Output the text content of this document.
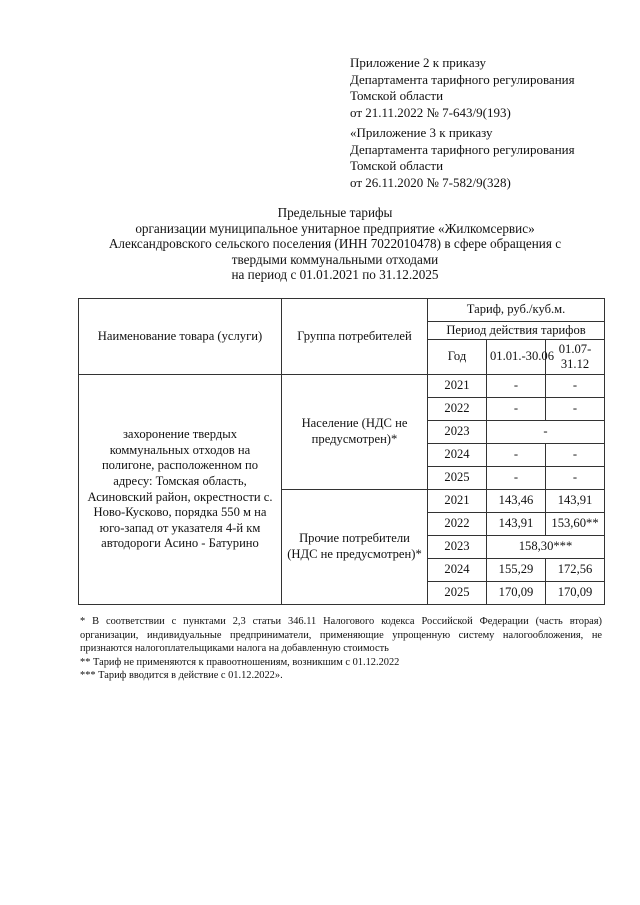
Приложение 2 к приказу
Департамента тарифного регулирования
Томской области
от 21.11.2022 № 7-643/9(193)
«Приложение 3 к приказу
Департамента тарифного регулирования
Томской области
от 26.11.2020 № 7-582/9(328)
Предельные тарифы
организации муниципальное унитарное предприятие «Жилкомсервис»
Александровского сельского поселения (ИНН 7022010478) в сфере обращения с
твердыми коммунальными отходами
на период с 01.01.2021 по 31.12.2025
Наименование товара (услуги)	Группа потребителей	Тариф, руб./куб.м.		
		Период действия тарифов		
		Год	01.01.-30.06	01.07-31.12
захоронение твердых коммунальных отходов на полигоне, расположенном по адресу: Томская область, Асиновский район, окрестности с. Ново-Кусково, порядка 550 м на юго-запад от указателя 4-й км автодороги Асино - Батурино	Население (НДС не предусмотрен)*	2021	-	-
		2022	-	-
		2023	-	
		2024	-	-
		2025	-	-
	Прочие потребители (НДС не предусмотрен)*	2021	143,46	143,91
		2022	143,91	153,60**
		2023	158,30***	
		2024	155,29	172,56
		2025	170,09	170,09
* В соответствии с пунктами 2,3 статьи 346.11 Налогового кодекса Российской Федерации (часть вторая) организации, индивидуальные предприниматели, применяющие упрощенную систему налогообложения, не признаются налогоплательщиками налога на добавленную стоимость
** Тариф не применяются к правоотношениям, возникшим с 01.12.2022
*** Тариф вводится в действие с 01.12.2022».
